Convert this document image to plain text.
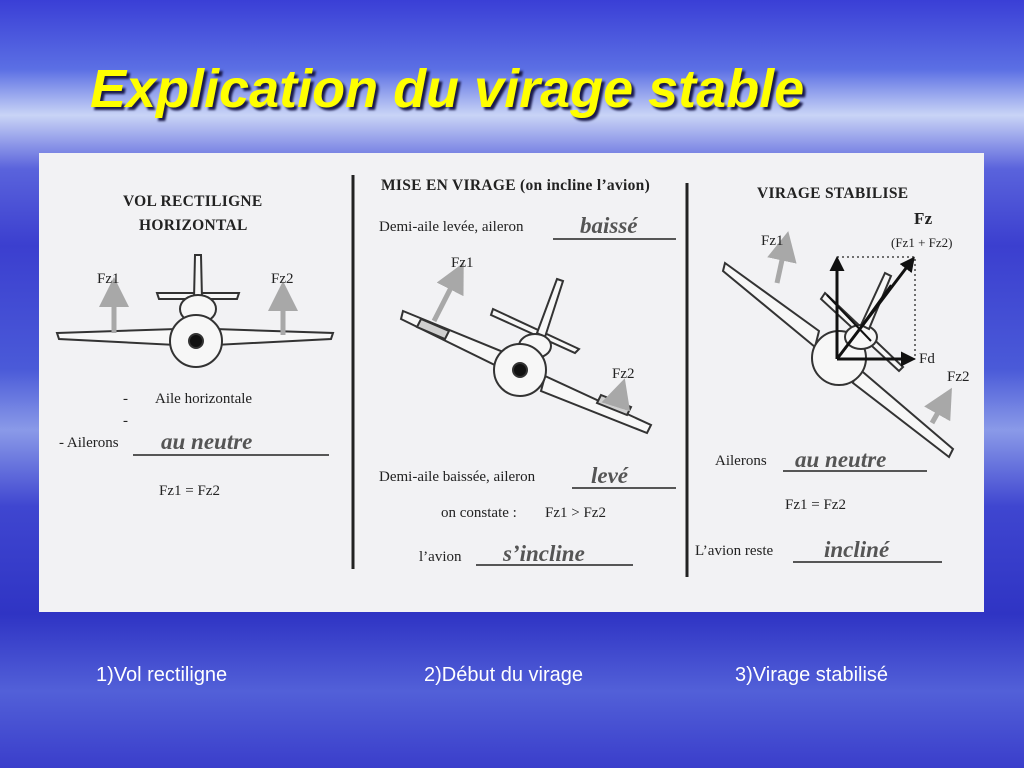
Explication du virage stable
VOL RECTILIGNE
HORIZONTAL
Fz1	Fz2
- Aile horizontale
-
- Ailerons au neutre
Fz1 = Fz2
MISE EN VIRAGE (on incline l’avion)
Demi-aile levée, aileron baissé
Fz1
Fz2
Demi-aile baissée, aileron levé
on constate : Fz1 > Fz2
l’avion s’incline
VIRAGE STABILISE
Fz
(Fz1 + Fz2)
Fz1
Fz2
Fd
Ailerons au neutre
Fz1 = Fz2
L’avion reste incliné
1)Vol rectiligne	2)Début du virage	3)Virage stabilisé
